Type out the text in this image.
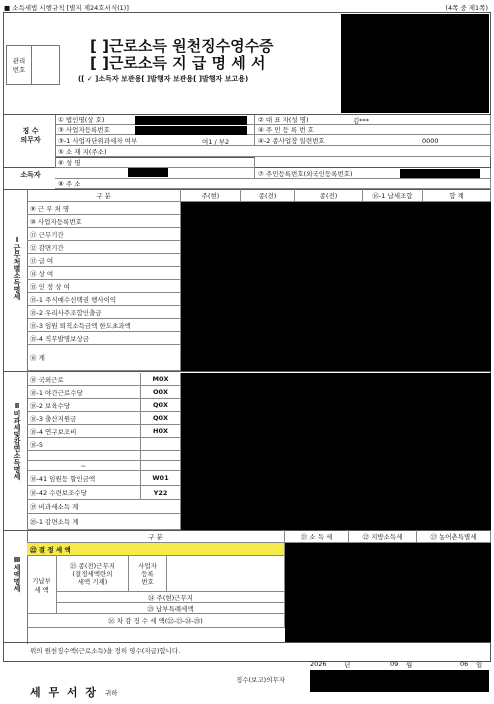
■ 소득세법 시행규칙 [별지 제24호서식(1)]	(4쪽 중 제1쪽)
관리
번호
[ ]근로소득 원천징수영수증
[ ]근로소득 지 급 명 세 서
([ ✓ ]소득자 보관용[ ]발행자 보관용[ ]발행자 보고용)
징 수
의무자
① 법인명(상 호)	② 대 표 자(성 명)	김***
③ 사업자등록번호	④ 주 민 등 록 번 호
③-1 사업자단위과세자 여부	여1 / 부2	④-2 종사업장 일련번호	0000
⑤ 소 재 지(주소)
소득자
⑥ 성 명
⑦ 주민등록번호(외국인등록번호)
⑧ 주 소
Ⅰ근무처별소득명세
구 분	주(현)	종(전)	종(전)	⑯-1 납세조합	합 계
⑨ 근 무 처 명
⑩ 사업자등록번호
⑪ 근무기간
⑫ 감면기간
⑬ 급 여
⑭ 상 여
⑮ 인 정 상 여
⑮-1 주식매수선택권 행사이익
⑮-2 우리사주조합인출금
⑮-3 임원 퇴직소득금액 한도초과액
⑮-4 직무발명보상금
⑯ 계
Ⅱ비과세및감면소득명세
⑱ 국외근로	M0X
⑱-1 야간근로수당	O0X
⑱-2 보육수당	Q0X
⑱-3 출산지원금	Q0X
⑱-4 연구보조비	H0X
⑱-5
~
⑱-41 임원등 할인금액	W01
⑱-42 수련보조수당	Y22
⑲ 비과세소득 계
⑳-1 감면소득 계
Ⅲ세액명세
구 분	㉑ 소 득 세	㉒ 지방소득세	㉓ 농어촌특별세
㉒ 결 정 세 액
기납부
세 액
㉓ 종(전)근무지
(결정세액란의
세액 기재)
사업자
등록
번호
㉔ 주(현)근무지
㉕ 납부특례세액
㉖ 차 감 징 수 세 액(㉒-㉓-㉔-㉕)
위의 원천징수액(근로소득)을 정히 영수(지급)합니다.
2026	년	09 월	06 일
징수(보고)의무자
세 무 서 장 귀하
